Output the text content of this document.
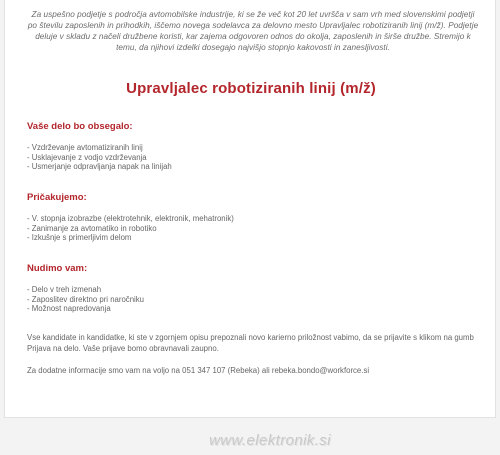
Za uspešno podjetje s področja avtomobilske industrije, ki se že več kot 20 let uvršča v sam vrh med slovenskimi podjetji po številu zaposlenih in prihodkih, iščemo novega sodelavca za delovno mesto Upravljalec robotiziranih linij (m/ž). Podjetje deluje v skladu z načeli družbene koristi, kar zajema odgovoren odnos do okolja, zaposlenih in širše družbe. Stremijo k temu, da njihovi izdelki dosegajo najvišjo stopnjo kakovosti in zanesljivosti.

Upravljalec robotiziranih linij (m/ž)
Vaše delo bo obsegalo:
- Vzdrževanje avtomatiziranih linij
- Usklajevanje z vodjo vzdrževanja
- Usmerjanje odpravljanja napak na linijah
Pričakujemo:
- V. stopnja izobrazbe (elektrotehnik, elektronik, mehatronik)
- Zanimanje za avtomatiko in robotiko
- Izkušnje s primerljivim delom
Nudimo vam:
- Delo v treh izmenah
- Zaposlitev direktno pri naročniku
- Možnost napredovanja

Vse kandidate in kandidatke, ki ste v zgornjem opisu prepoznali novo karierno priložnost vabimo, da se prijavite s klikom na gumb Prijava na delo. Vaše prijave bomo obravnavali zaupno.

Za dodatne informacije smo vam na voljo na 051 347 107 (Rebeka) ali rebeka.bondo@workforce.si

www.elektronik.si
